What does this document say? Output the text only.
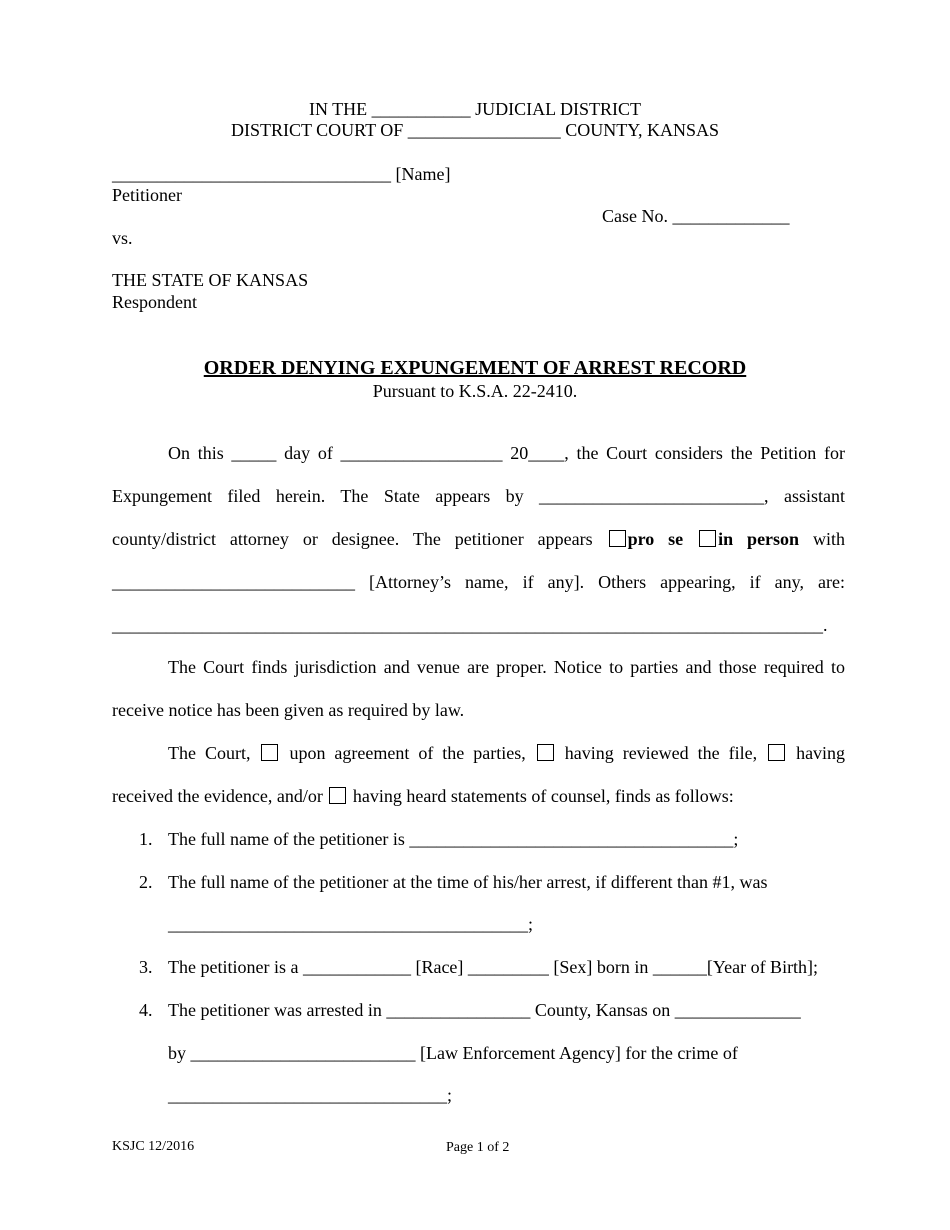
IN THE ___________ JUDICIAL DISTRICT
DISTRICT COURT OF _________________ COUNTY, KANSAS
_______________________________ [Name]
Petitioner
Case No. _____________
vs.
THE STATE OF KANSAS
Respondent
ORDER DENYING EXPUNGEMENT OF ARREST RECORD
Pursuant to K.S.A. 22-2410.
On this _____ day of __________________ 20____, the Court considers the Petition for
Expungement filed herein. The State appears by _________________________, assistant
county/district attorney or designee. The petitioner appears pro se in person with
___________________________ [Attorney’s name, if any]. Others appearing, if any, are:
_______________________________________________________________________________.
The Court finds jurisdiction and venue are proper. Notice to parties and those required to
receive notice has been given as required by law.
The Court, upon agreement of the parties, having reviewed the file, having
received the evidence, and/or having heard statements of counsel, finds as follows:
1. The full name of the petitioner is ____________________________________;
2. The full name of the petitioner at the time of his/her arrest, if different than #1, was
________________________________________;
3. The petitioner is a ____________ [Race] _________ [Sex] born in ______[Year of Birth];
4. The petitioner was arrested in ________________ County, Kansas on ______________
by _________________________ [Law Enforcement Agency] for the crime of
_______________________________;
KSJC 12/2016	Page 1 of 2
